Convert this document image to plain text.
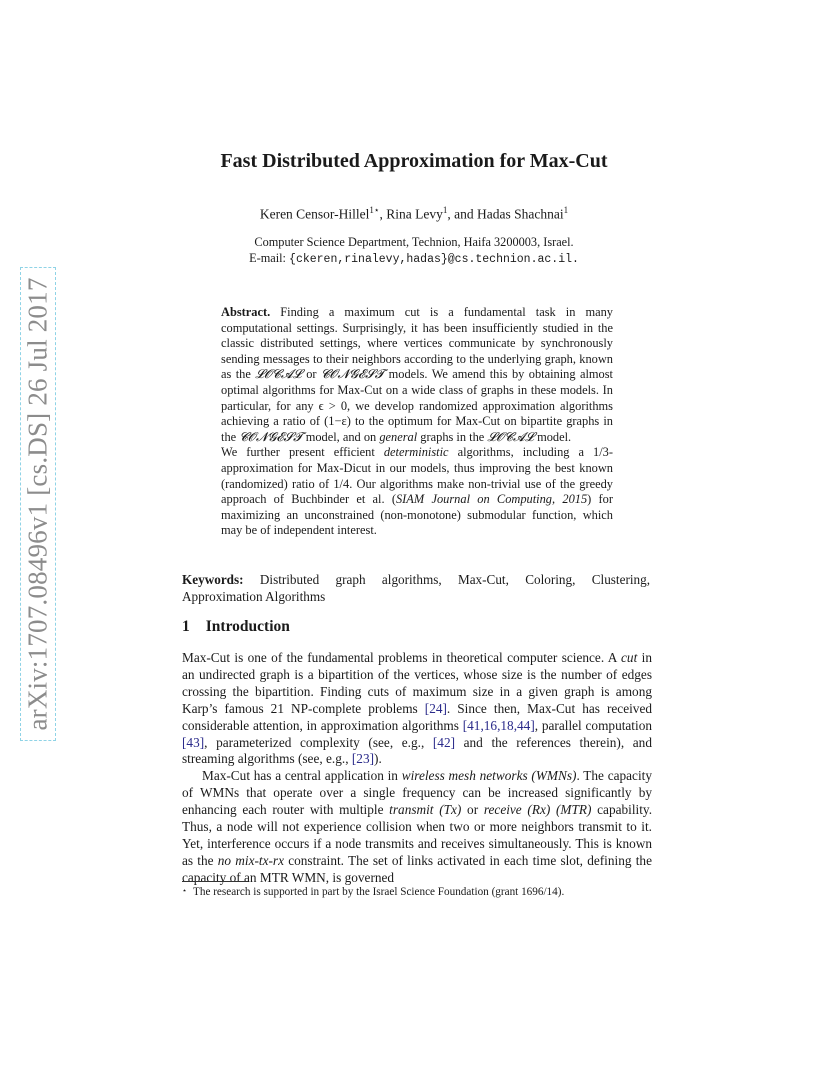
arXiv:1707.08496v1 [cs.DS] 26 Jul 2017
Fast Distributed Approximation for Max-Cut
Keren Censor-Hillel$^{1⋆}$, Rina Levy$^1$, and Hadas Shachnai$^1$
Computer Science Department, Technion, Haifa 3200003, Israel.
E-mail: {ckeren,rinalevy,hadas}@cs.technion.ac.il.

Abstract. Finding a maximum cut is a fundamental task in many computational settings. Surprisingly, it has been insufficiently studied in the classic distributed settings, where vertices communicate by synchronously sending messages to their neighbors according to the underlying graph, known as the 𝓛𝓞𝓒𝓐𝓛 or 𝓒𝓞𝓝𝓖𝓔𝓢𝓣 models. We amend this by obtaining almost optimal algorithms for Max-Cut on a wide class of graphs in these models. In particular, for any ϵ > 0, we develop randomized approximation algorithms achieving a ratio of (1−ε) to the optimum for Max-Cut on bipartite graphs in the 𝓒𝓞𝓝𝓖𝓔𝓢𝓣 model, and on general graphs in the 𝓛𝓞𝓒𝓐𝓛 model.

We further present efficient deterministic algorithms, including a 1/3-approximation for Max-Dicut in our models, thus improving the best known (randomized) ratio of 1/4. Our algorithms make non-trivial use of the greedy approach of Buchbinder et al. (SIAM Journal on Computing, 2015) for maximizing an unconstrained (non-monotone) submodular function, which may be of independent interest.

Keywords: Distributed graph algorithms, Max-Cut, Coloring, Clustering, Approximation Algorithms
1 Introduction

Max-Cut is one of the fundamental problems in theoretical computer science. A cut in an undirected graph is a bipartition of the vertices, whose size is the number of edges crossing the bipartition. Finding cuts of maximum size in a given graph is among Karp’s famous 21 NP-complete problems [24]. Since then, Max-Cut has received considerable attention, in approximation algorithms [41,16,18,44], parallel computation [43], parameterized complexity (see, e.g., [42] and the references therein), and streaming algorithms (see, e.g., [23]).

Max-Cut has a central application in wireless mesh networks (WMNs). The capacity of WMNs that operate over a single frequency can be increased significantly by enhancing each router with multiple transmit (Tx) or receive (Rx) (MTR) capability. Thus, a node will not experience collision when two or more neighbors transmit to it. Yet, interference occurs if a node transmits and receives simultaneously. This is known as the no mix-tx-rx constraint. The set of links activated in each time slot, defining the capacity of an MTR WMN, is governed

⋆ The research is supported in part by the Israel Science Foundation (grant 1696/14).
